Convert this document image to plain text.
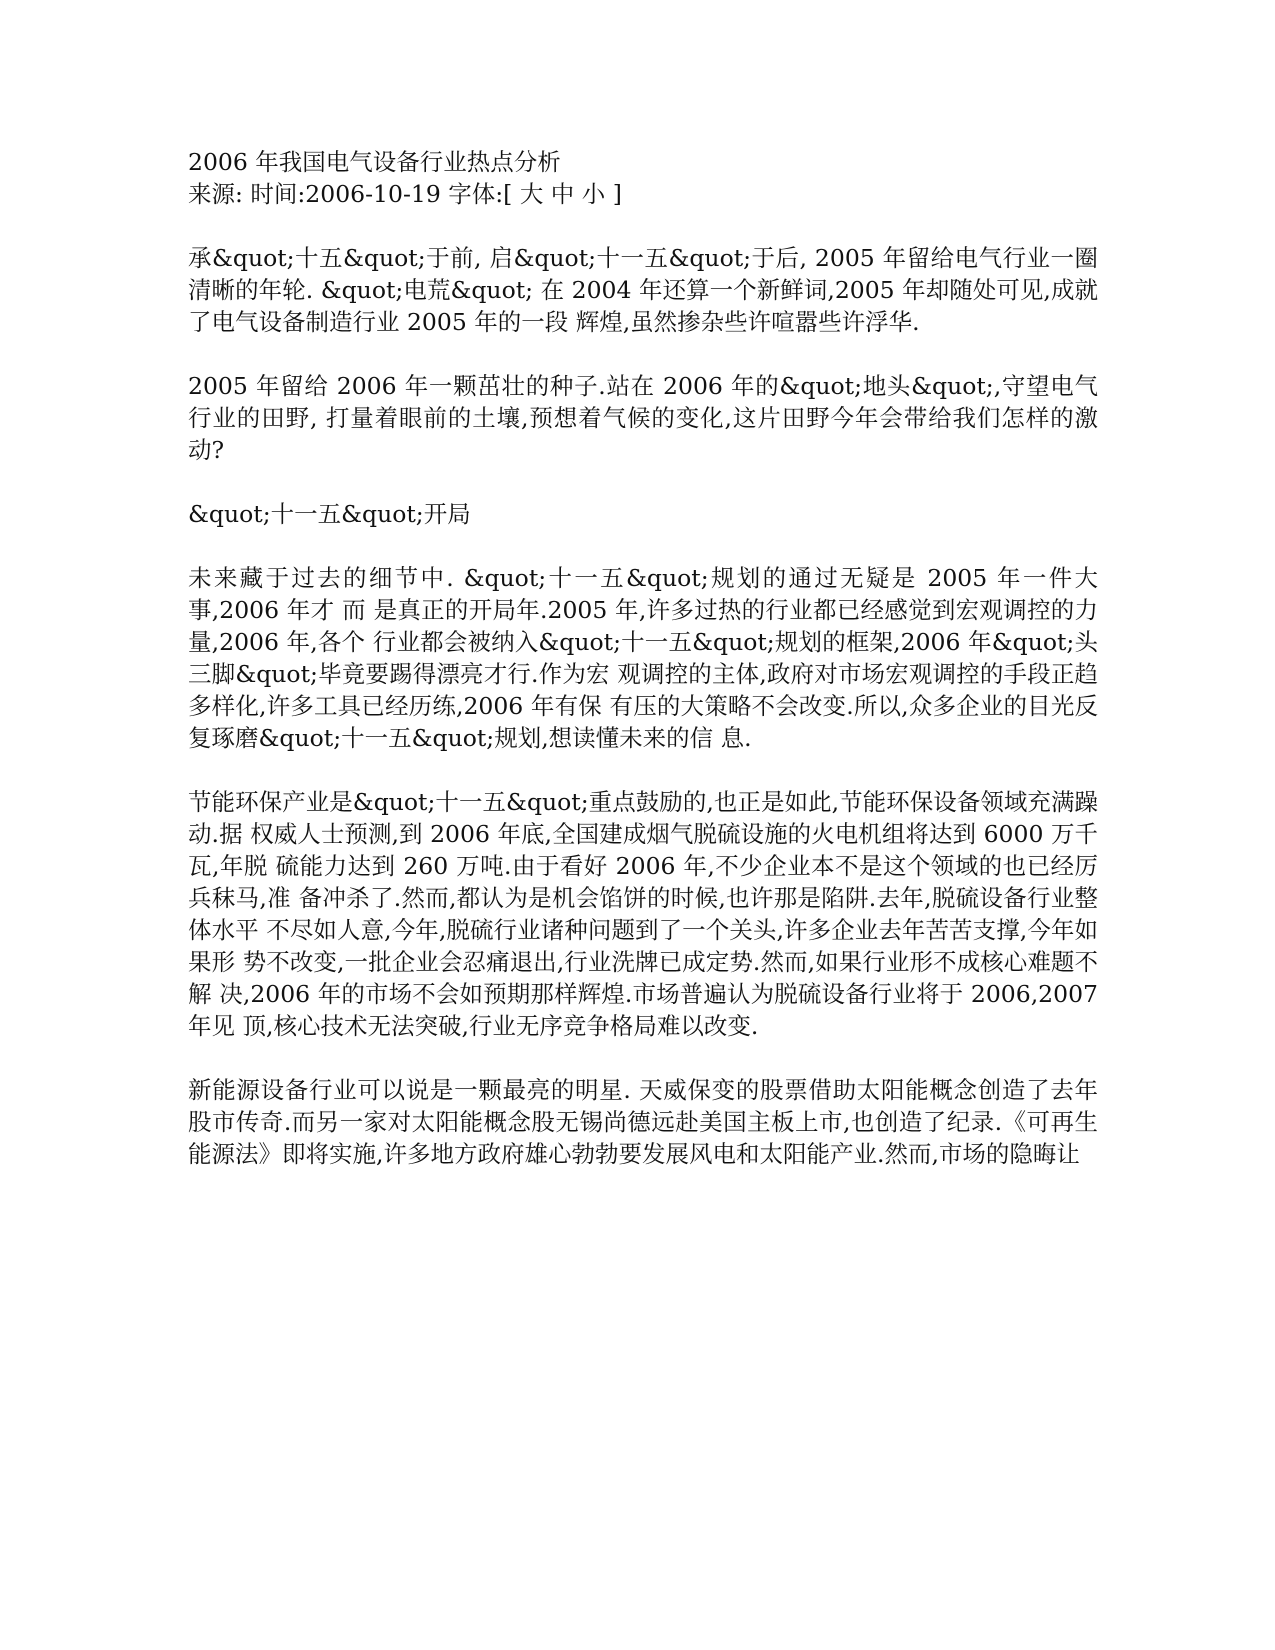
2006 年我国电气设备行业热点分析
来源: 时间:2006-10-19 字体:[ 大 中 小 ]

承&quot;十五&quot;于前, 启&quot;十一五&quot;于后, 2005 年留给电气行业一圈清晰的年轮. &quot;电荒&quot; 在 2004 年还算一个新鲜词,2005 年却随处可见,成就了电气设备制造行业 2005 年的一段 辉煌,虽然掺杂些许喧嚣些许浮华.

2005 年留给 2006 年一颗茁壮的种子.站在 2006 年的&quot;地头&quot;,守望电气行业的田野, 打量着眼前的土壤,预想着气候的变化,这片田野今年会带给我们怎样的激动?

&quot;十一五&quot;开局

未来藏于过去的细节中. &quot;十一五&quot;规划的通过无疑是 2005 年一件大事,2006 年才 而 是真正的开局年.2005 年,许多过热的行业都已经感觉到宏观调控的力量,2006 年,各个 行业都会被纳入&quot;十一五&quot;规划的框架,2006 年&quot;头三脚&quot;毕竟要踢得漂亮才行.作为宏 观调控的主体,政府对市场宏观调控的手段正趋多样化,许多工具已经历练,2006 年有保 有压的大策略不会改变.所以,众多企业的目光反复琢磨&quot;十一五&quot;规划,想读懂未来的信 息.

节能环保产业是&quot;十一五&quot;重点鼓励的,也正是如此,节能环保设备领域充满躁动.据 权威人士预测,到 2006 年底,全国建成烟气脱硫设施的火电机组将达到 6000 万千瓦,年脱 硫能力达到 260 万吨.由于看好 2006 年,不少企业本不是这个领域的也已经厉兵秣马,准 备冲杀了.然而,都认为是机会馅饼的时候,也许那是陷阱.去年,脱硫设备行业整体水平 不尽如人意,今年,脱硫行业诸种问题到了一个关头,许多企业去年苦苦支撑,今年如果形 势不改变,一批企业会忍痛退出,行业洗牌已成定势.然而,如果行业形不成核心难题不解 决,2006 年的市场不会如预期那样辉煌.市场普遍认为脱硫设备行业将于 2006,2007 年见 顶,核心技术无法突破,行业无序竞争格局难以改变.

新能源设备行业可以说是一颗最亮的明星. 天威保变的股票借助太阳能概念创造了去年 股市传奇.而另一家对太阳能概念股无锡尚德远赴美国主板上市,也创造了纪录.《可再生 能源法》即将实施,许多地方政府雄心勃勃要发展风电和太阳能产业.然而,市场的隐晦让
